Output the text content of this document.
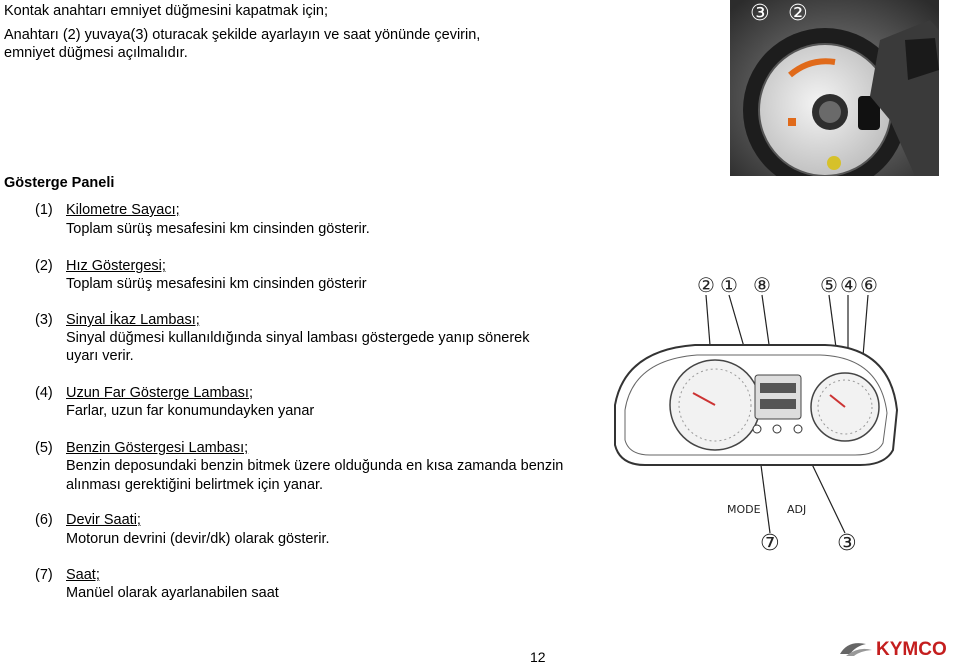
Kontak anahtarı emniyet düğmesini kapatmak için;
Anahtarı (2) yuvaya(3) oturacak şekilde ayarlayın ve saat yönünde çevirin,
emniyet düğmesi açılmalıdır.
Gösterge Paneli
(1) Kilometre Sayacı;
Toplam sürüş mesafesini km cinsinden gösterir.
(2) Hız Göstergesi;
Toplam sürüş mesafesini km cinsinden gösterir
(3) Sinyal İkaz Lambası;
Sinyal düğmesi kullanıldığında sinyal lambası göstergede yanıp sönerek
uyarı verir.
(4) Uzun Far Gösterge Lambası;
Farlar, uzun far konumundayken yanar
(5) Benzin Göstergesi Lambası;
Benzin deposundaki benzin bitmek üzere olduğunda en kısa zamanda benzin
alınması gerektiğini belirtmek için yanar.
(6) Devir Saati;
Motorun devrini (devir/dk) olarak gösterir.
(7) Saat;
Manüel olarak ayarlanabilen saat
③ ②
② ① ⑧ ⑤ ④ ⑥
MODE ADJ
⑦	③
12	KYMCO
